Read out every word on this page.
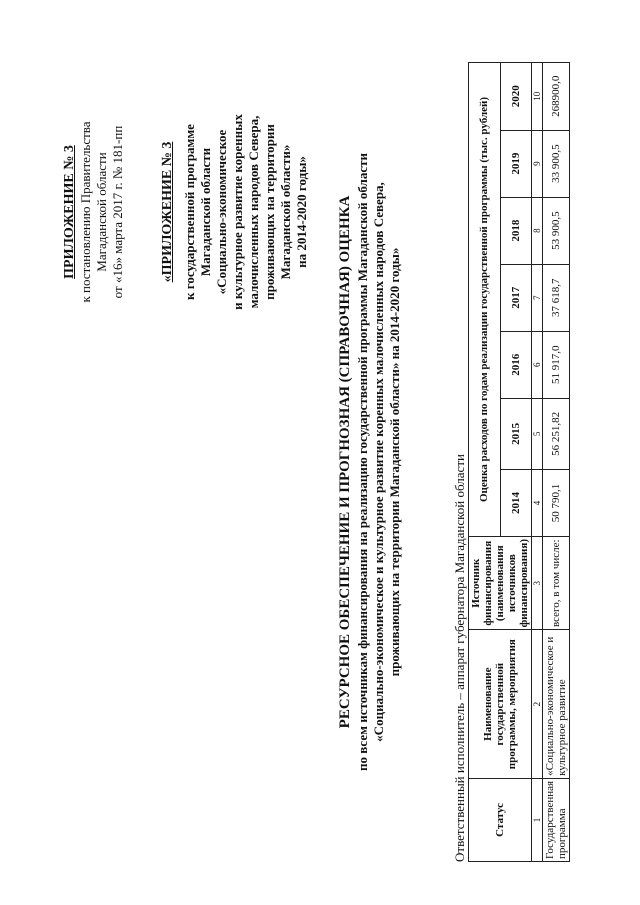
ПРИЛОЖЕНИЕ № 3 к постановлению Правительства Магаданской области от «16» марта 2017 г. № 181-пп	«ПРИЛОЖЕНИЕ № 3 к государственной программе Магаданской области «Социально-экономическое и культурное развитие коренных малочисленных народов Севера, проживающих на территории Магаданской области» на 2014-2020 годы» РЕСУРСНОЕ ОБЕСПЕЧЕНИЕ И ПРОГНОЗНАЯ (СПРАВОЧНАЯ) ОЦЕНКА по всем источникам финансирования на реализацию государственной программы Магаданской области «Социально-экономическое и культурное развитие коренных малочисленных народов Севера, проживающих на территории Магаданской области» на 2014-2020 годы»	Ответственный исполнитель – аппарат губернатора Магаданской области Статус	Наименование государственной программы, мероприятия	Источник финансирования (наименования источников финансирования)	Оценка расходов по годам реализации государственной программы (тыс. рублей)						
			2014	2015	2016	2017	2018	2019	2020
1	2	3	4	5	6	7	8	9	10
Государственная программа	«Социально-экономическое и культурное развитие	всего, в том числе:	50 790,1	56 251,82	51 917,0	37 618,7	53 900,5	33 900,5	268900,0
